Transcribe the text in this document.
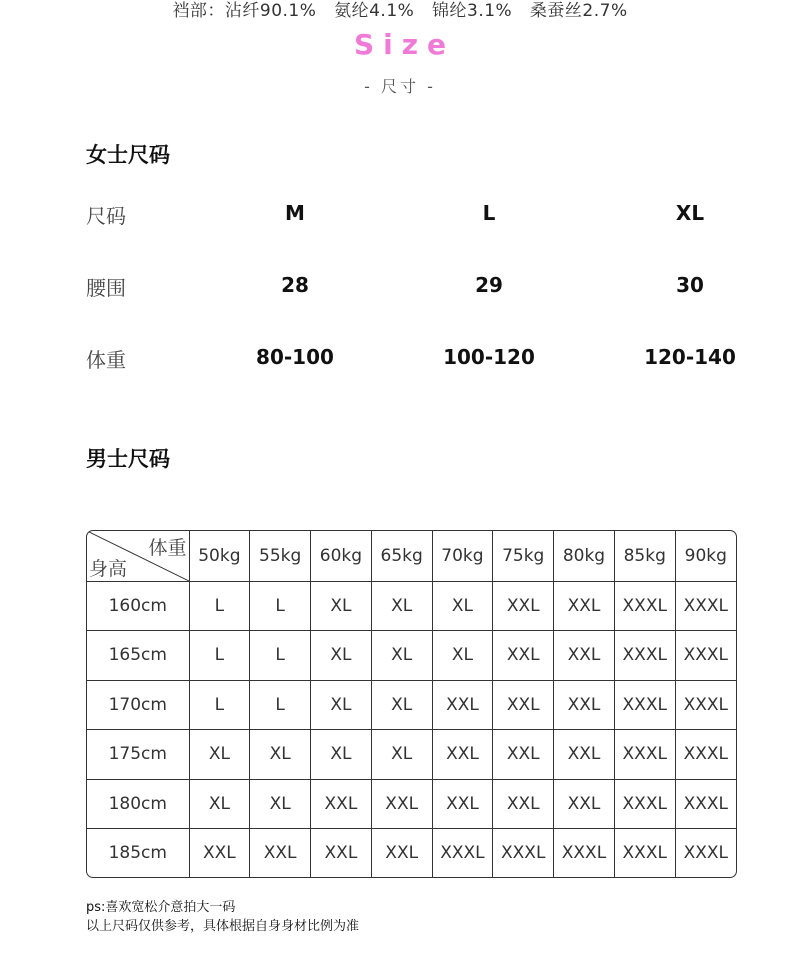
裆部：沾纤90.1%   氨纶4.1%   锦纶3.1%   桑蚕丝2.7%
Size
- 尺寸 -
女士尺码
尺码	M	L	XL
腰围	28	29	30
体重	80-100	100-120	120-140
男士尺码
体重
身高	50kg	55kg	60kg	65kg	70kg	75kg	80kg	85kg	90kg
160cm	L	L	XL	XL	XL	XXL	XXL	XXXL	XXXL
165cm	L	L	XL	XL	XL	XXL	XXL	XXXL	XXXL
170cm	L	L	XL	XL	XXL	XXL	XXL	XXXL	XXXL
175cm	XL	XL	XL	XL	XXL	XXL	XXL	XXXL	XXXL
180cm	XL	XL	XXL	XXL	XXL	XXL	XXL	XXXL	XXXL
185cm	XXL	XXL	XXL	XXL	XXXL	XXXL	XXXL	XXXL	XXXL
ps:喜欢宽松介意拍大一码
以上尺码仅供参考，具体根据自身身材比例为准
